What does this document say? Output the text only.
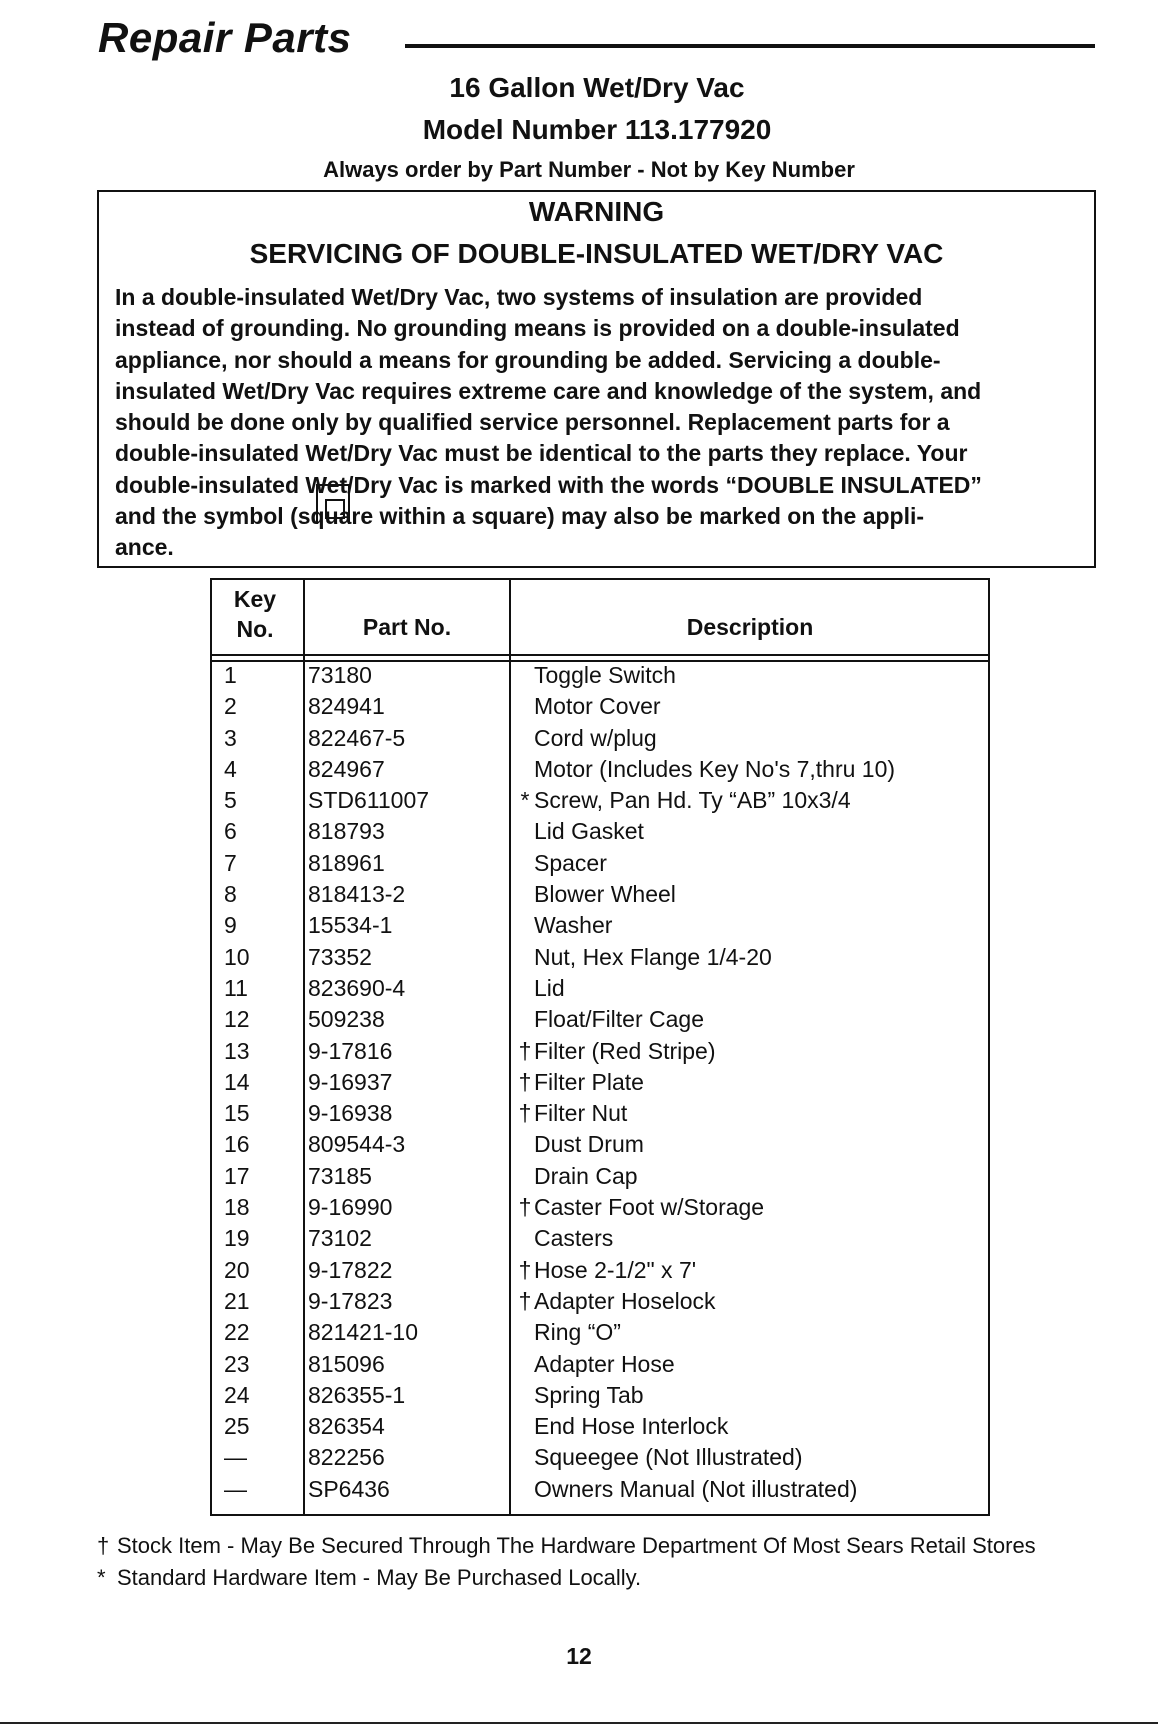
Repair Parts
16 Gallon Wet/Dry Vac
Model Number 113.177920
Always order by Part Number - Not by Key Number
WARNING
SERVICING OF DOUBLE-INSULATED WET/DRY VAC
In a double-insulated Wet/Dry Vac, two systems of insulation are provided
instead of grounding. No grounding means is provided on a double-insulated
appliance, nor should a means for grounding be added. Servicing a double-
insulated Wet/Dry Vac requires extreme care and knowledge of the system, and
should be done only by qualified service personnel. Replacement parts for a
double-insulated Wet/Dry Vac must be identical to the parts they replace. Your
double-insulated Wet/Dry Vac is marked with the words “DOUBLE INSULATED”
and the symbol (square within a square) may also be marked on the appli-
ance.
Key
No.	Part No.	Description
1	73180	Toggle Switch
2	824941	Motor Cover
3	822467-5	Cord w/plug
4	824967	Motor (Includes Key No's 7,thru 10)
5	STD611007	* Screw, Pan Hd. Ty “AB” 10x3/4
6	818793	Lid Gasket
7	818961	Spacer
8	818413-2	Blower Wheel
9	15534-1	Washer
10	73352	Nut, Hex Flange 1/4-20
11	823690-4	Lid
12	509238	Float/Filter Cage
13	9-17816	† Filter (Red Stripe)
14	9-16937	† Filter Plate
15	9-16938	† Filter Nut
16	809544-3	Dust Drum
17	73185	Drain Cap
18	9-16990	† Caster Foot w/Storage
19	73102	Casters
20	9-17822	† Hose 2-1/2" x 7'
21	9-17823	† Adapter Hoselock
22	821421-10	Ring “O”
23	815096	Adapter Hose
24	826355-1	Spring Tab
25	826354	End Hose Interlock
—	822256	Squeegee (Not Illustrated)
—	SP6436	Owners Manual (Not illustrated)
† Stock Item - May Be Secured Through The Hardware Department Of Most Sears Retail Stores
* Standard Hardware Item - May Be Purchased Locally.
12
